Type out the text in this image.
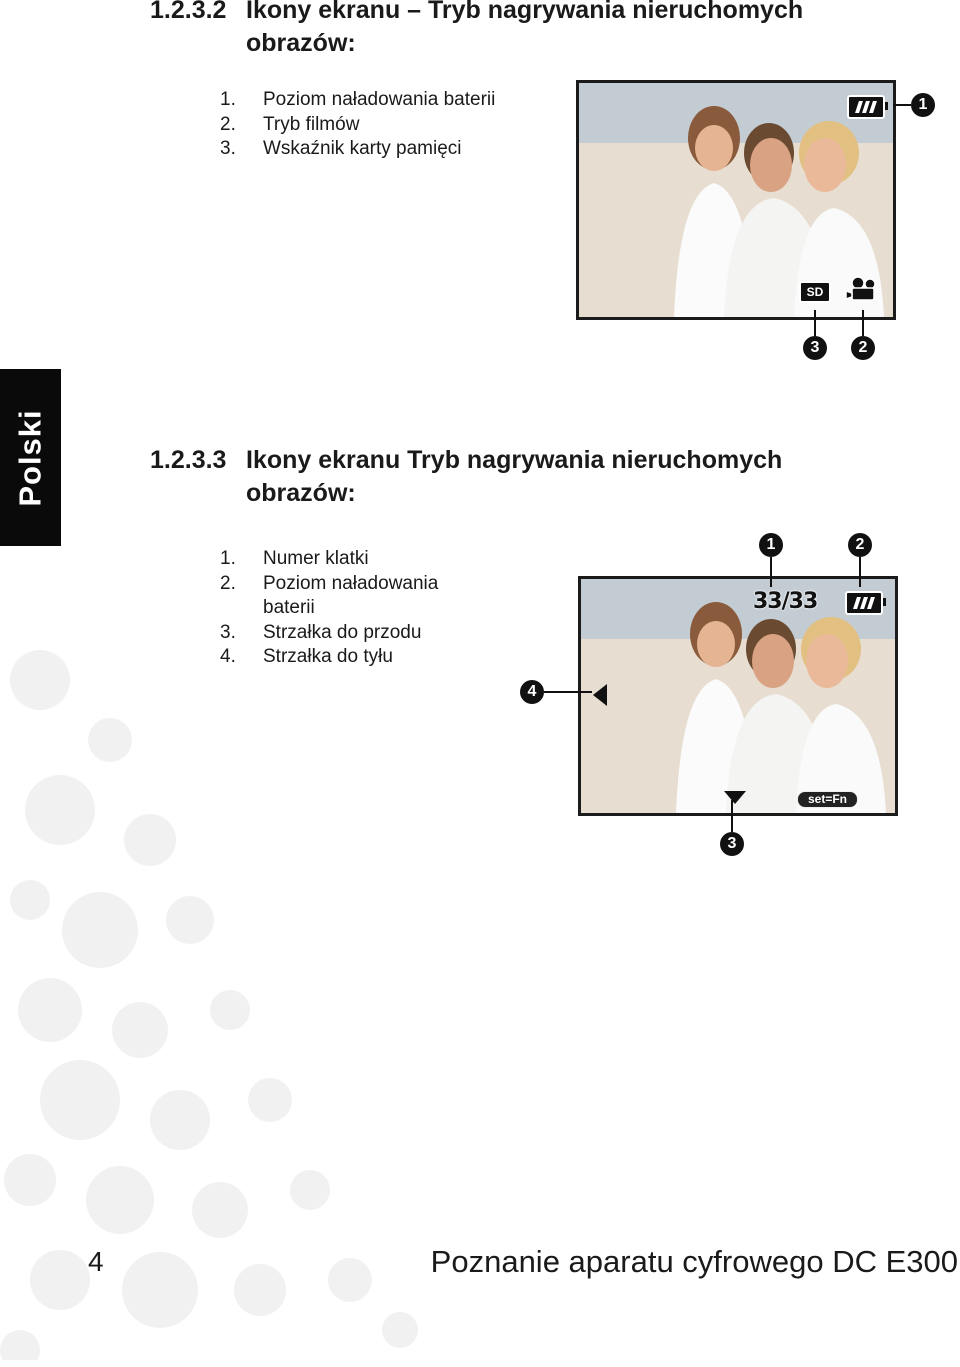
Polski
1.2.3.2 Ikony ekranu – Tryb nagrywania nieruchomych
obrazów:
1.	Poziom naładowania baterii
2.	Tryb filmów
3.	Wskaźnik karty pamięci
SD
1
3	2
1.2.3.3 Ikony ekranu Tryb nagrywania nieruchomych
obrazów:
1.	Numer klatki
2.	Poziom naładowania baterii
3.	Strzałka do przodu
4.	Strzałka do tyłu
33/33
set=Fn
1	2
4
3
4	Poznanie aparatu cyfrowego DC E300
